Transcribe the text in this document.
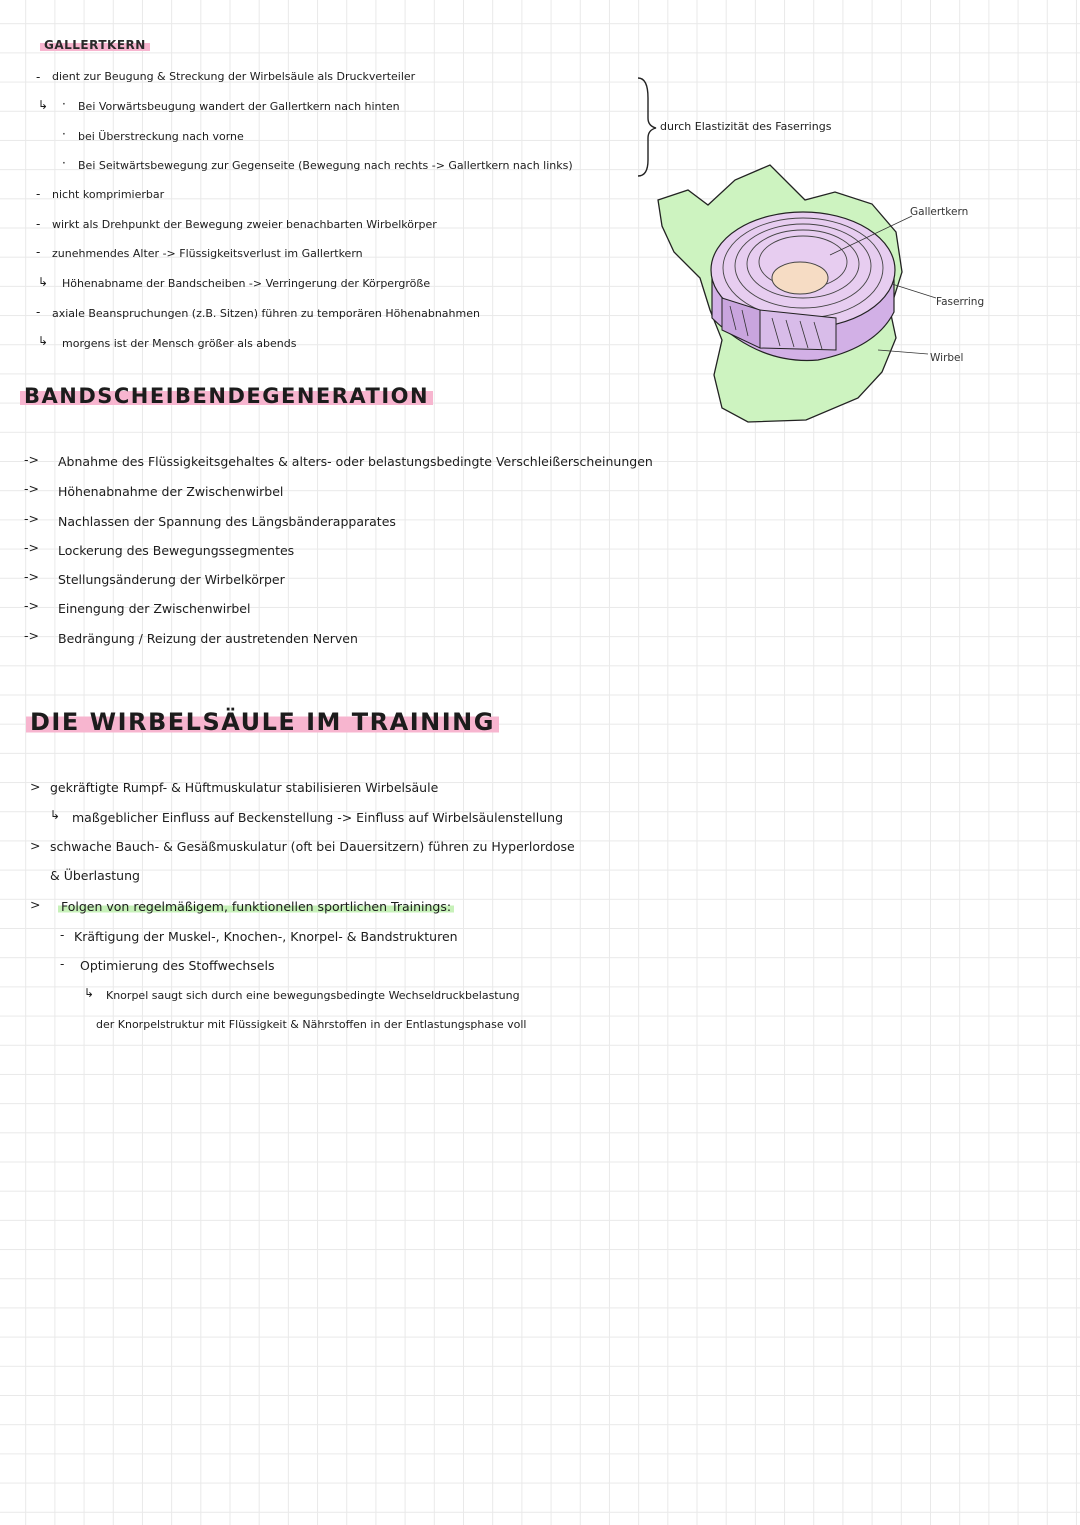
GALLERTKERN
- dient zur Beugung & Streckung der Wirbelsäule als Druckverteiler
↳ · Bei Vorwärtsbeugung wandert der Gallertkern nach hinten
· bei Überstreckung nach vorne
· Bei Seitwärtsbewegung zur Gegenseite (Bewegung nach rechts -> Gallertkern nach links)
durch Elastizität des Faserrings
- nicht komprimierbar
- wirkt als Drehpunkt der Bewegung zweier benachbarten Wirbelkörper
- zunehmendes Alter -> Flüssigkeitsverlust im Gallertkern
↳ Höhenabname der Bandscheiben -> Verringerung der Körpergröße
- axiale Beanspruchungen (z.B. Sitzen) führen zu temporären Höhenabnahmen
↳ morgens ist der Mensch größer als abends
Gallertkern
Faserring
Wirbel
BANDSCHEIBENDEGENERATION
-> Abnahme des Flüssigkeitsgehaltes & alters- oder belastungsbedingte Verschleißerscheinungen
-> Höhenabnahme der Zwischenwirbel
-> Nachlassen der Spannung des Längsbänderapparates
-> Lockerung des Bewegungssegmentes
-> Stellungsänderung der Wirbelkörper
-> Einengung der Zwischenwirbel
-> Bedrängung / Reizung der austretenden Nerven
DIE WIRBELSÄULE IM TRAINING
> gekräftigte Rumpf- & Hüftmuskulatur stabilisieren Wirbelsäule
↳ maßgeblicher Einfluss auf Beckenstellung -> Einfluss auf Wirbelsäulenstellung
> schwache Bauch- & Gesäßmuskulatur (oft bei Dauersitzern) führen zu Hyperlordose
& Überlastung
> Folgen von regelmäßigem, funktionellen sportlichen Trainings:
- Kräftigung der Muskel-, Knochen-, Knorpel- & Bandstrukturen
- Optimierung des Stoffwechsels
↳ Knorpel saugt sich durch eine bewegungsbedingte Wechseldruckbelastung
der Knorpelstruktur mit Flüssigkeit & Nährstoffen in der Entlastungsphase voll
